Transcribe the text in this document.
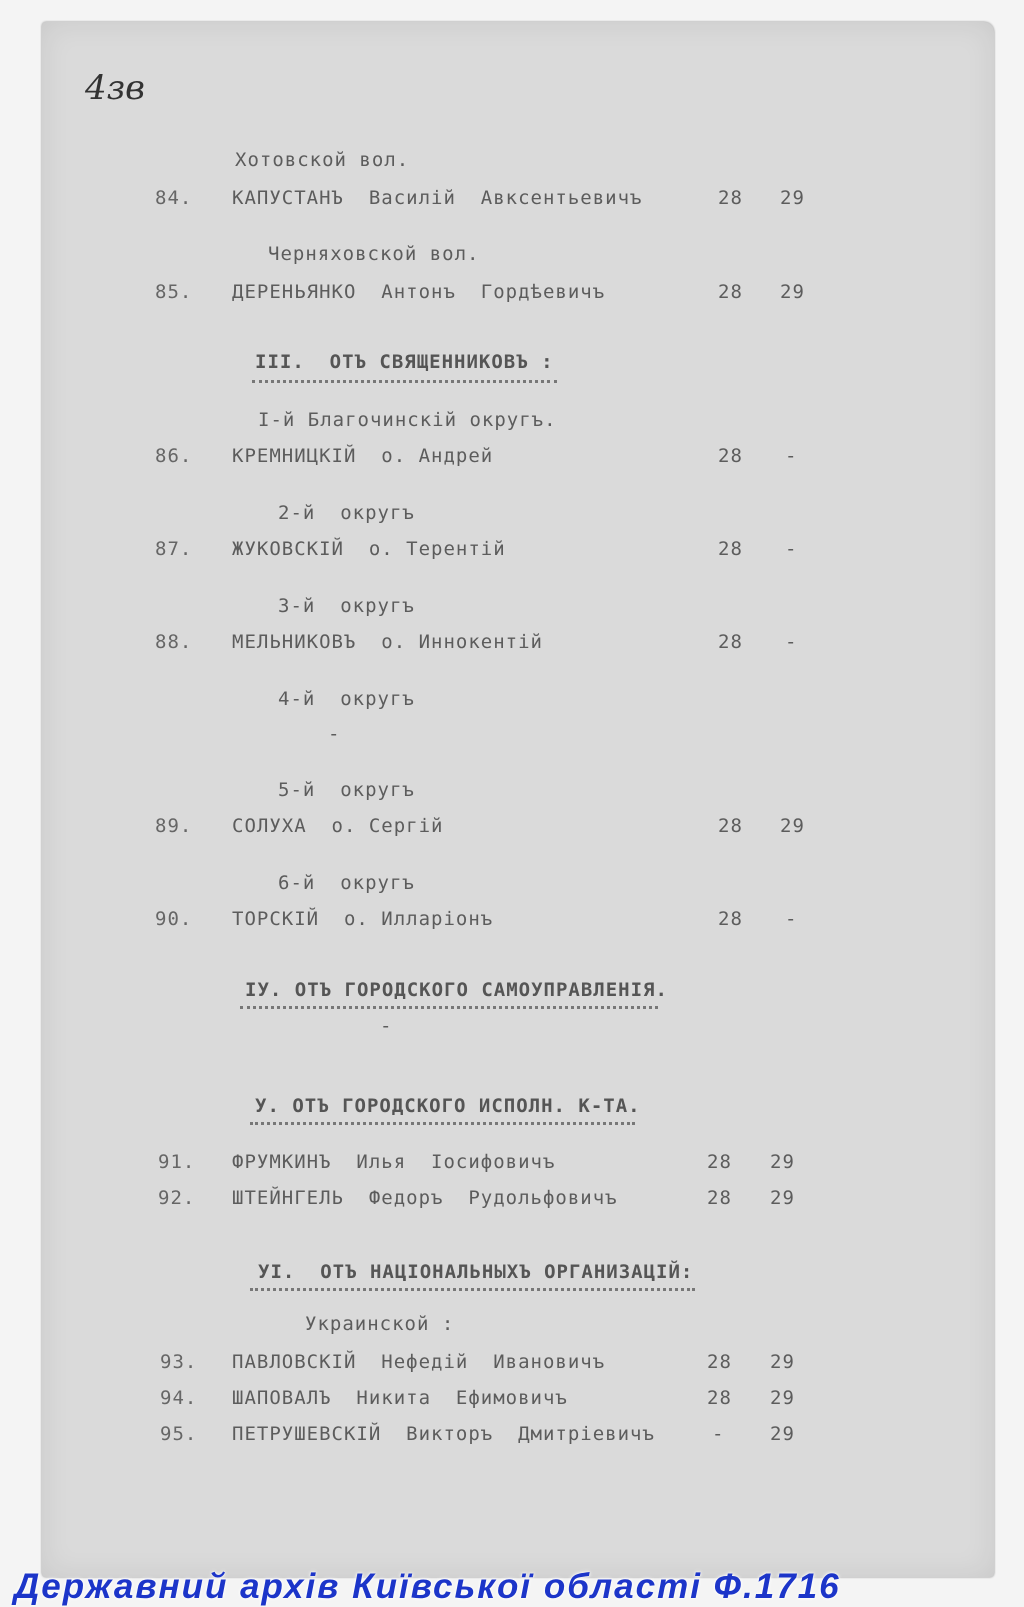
4зв
Хотовской вол.
84. КАПУСТАНЪ  Василій  Авксентьевичъ	28 29
Черняховской вол.
85. ДЕРЕНЬЯНКО  Антонъ  Гордѣевичъ	28 29
III.  ОТЪ СВЯЩЕННИКОВЪ :
I-й Благочинскій округъ.
86. КРЕМНИЦКІЙ  о. Андрей	28 -
2-й  округъ
87. ЖУКОВСКІЙ  о. Терентій	28 -
3-й  округъ
88. МЕЛЬНИКОВЪ  о. Иннокентій	28 -
4-й  округъ
-
5-й  округъ
89. СОЛУХА  о. Сергій	28 29
6-й  округъ
90. ТОРСКІЙ  о. Илларіонъ	28 -
IУ. ОТЪ ГОРОДСКОГО САМОУПРАВЛЕНІЯ.
-
У. ОТЪ ГОРОДСКОГО ИСПОЛН. К-ТА.
91. ФРУМКИНЪ  Илья  Іосифовичъ	28 29
92. ШТЕЙНГЕЛЬ  Федоръ  Рудольфовичъ	28 29
УI.  ОТЪ НАЦІОНАЛЬНЫХЪ ОРГАНИЗАЦІЙ:
Украинской :
93. ПАВЛОВСКІЙ  Нефедій  Ивановичъ	28 29
94. ШАПОВАЛЪ  Никита  Ефимовичъ	28 29
95. ПЕТРУШЕВСКІЙ  Викторъ  Дмитріевичъ	- 29
Державний архів Київської області Ф.1716
